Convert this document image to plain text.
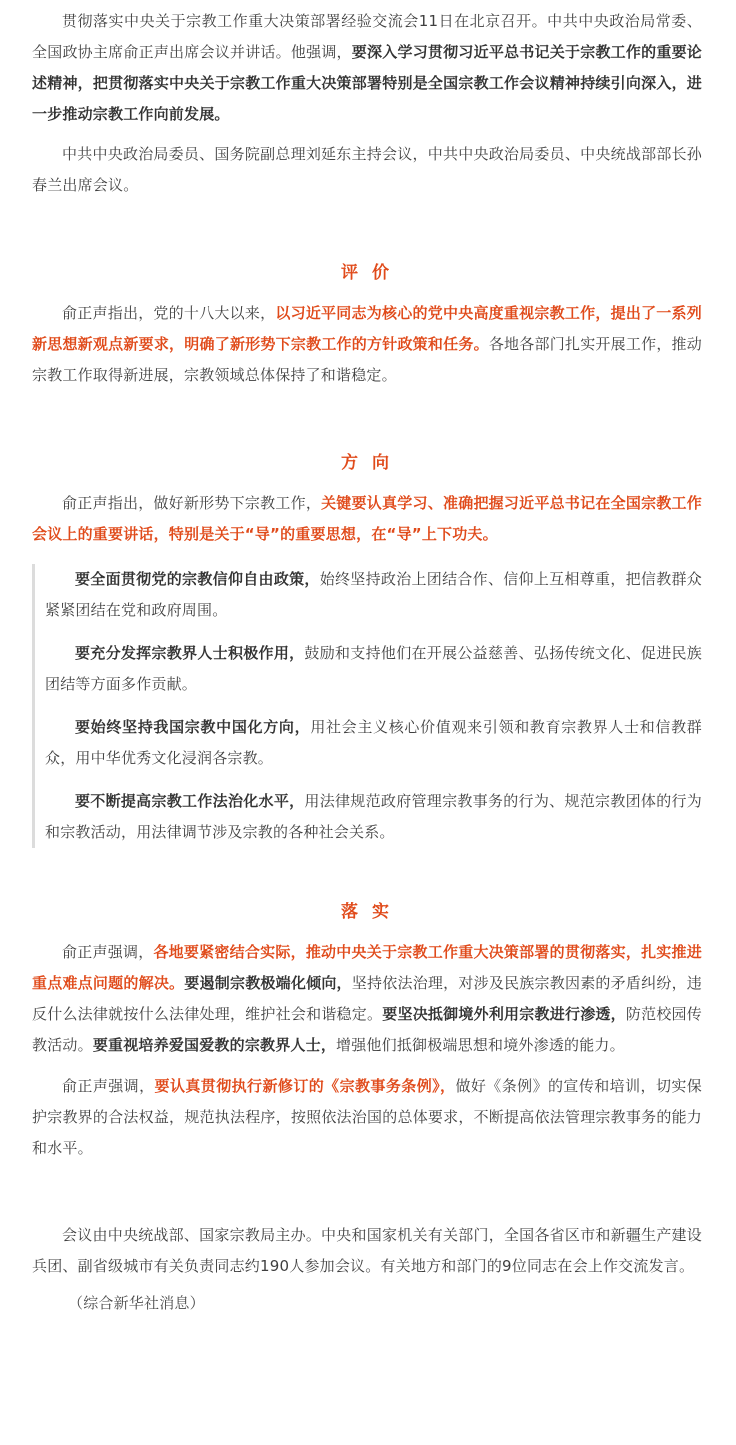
贯彻落实中央关于宗教工作重大决策部署经验交流会11日在北京召开。中共中央政治局常委、全国政协主席俞正声出席会议并讲话。他强调，要深入学习贯彻习近平总书记关于宗教工作的重要论述精神，把贯彻落实中央关于宗教工作重大决策部署特别是全国宗教工作会议精神持续引向深入，进一步推动宗教工作向前发展。

中共中央政治局委员、国务院副总理刘延东主持会议，中共中央政治局委员、中央统战部部长孙春兰出席会议。

评 价

俞正声指出，党的十八大以来，以习近平同志为核心的党中央高度重视宗教工作，提出了一系列新思想新观点新要求，明确了新形势下宗教工作的方针政策和任务。各地各部门扎实开展工作，推动宗教工作取得新进展，宗教领域总体保持了和谐稳定。

方 向

俞正声指出，做好新形势下宗教工作，关键要认真学习、准确把握习近平总书记在全国宗教工作会议上的重要讲话，特别是关于“导”的重要思想，在“导”上下功夫。

要全面贯彻党的宗教信仰自由政策，始终坚持政治上团结合作、信仰上互相尊重，把信教群众紧紧团结在党和政府周围。

要充分发挥宗教界人士积极作用，鼓励和支持他们在开展公益慈善、弘扬传统文化、促进民族团结等方面多作贡献。

要始终坚持我国宗教中国化方向，用社会主义核心价值观来引领和教育宗教界人士和信教群众，用中华优秀文化浸润各宗教。

要不断提高宗教工作法治化水平，用法律规范政府管理宗教事务的行为、规范宗教团体的行为和宗教活动，用法律调节涉及宗教的各种社会关系。

落 实

俞正声强调，各地要紧密结合实际，推动中央关于宗教工作重大决策部署的贯彻落实，扎实推进重点难点问题的解决。要遏制宗教极端化倾向，坚持依法治理，对涉及民族宗教因素的矛盾纠纷，违反什么法律就按什么法律处理，维护社会和谐稳定。要坚决抵御境外利用宗教进行渗透，防范校园传教活动。要重视培养爱国爱教的宗教界人士，增强他们抵御极端思想和境外渗透的能力。

俞正声强调，要认真贯彻执行新修订的《宗教事务条例》，做好《条例》的宣传和培训，切实保护宗教界的合法权益，规范执法程序，按照依法治国的总体要求，不断提高依法管理宗教事务的能力和水平。

会议由中央统战部、国家宗教局主办。中央和国家机关有关部门，全国各省区市和新疆生产建设兵团、副省级城市有关负责同志约190人参加会议。有关地方和部门的9位同志在会上作交流发言。

（综合新华社消息）
